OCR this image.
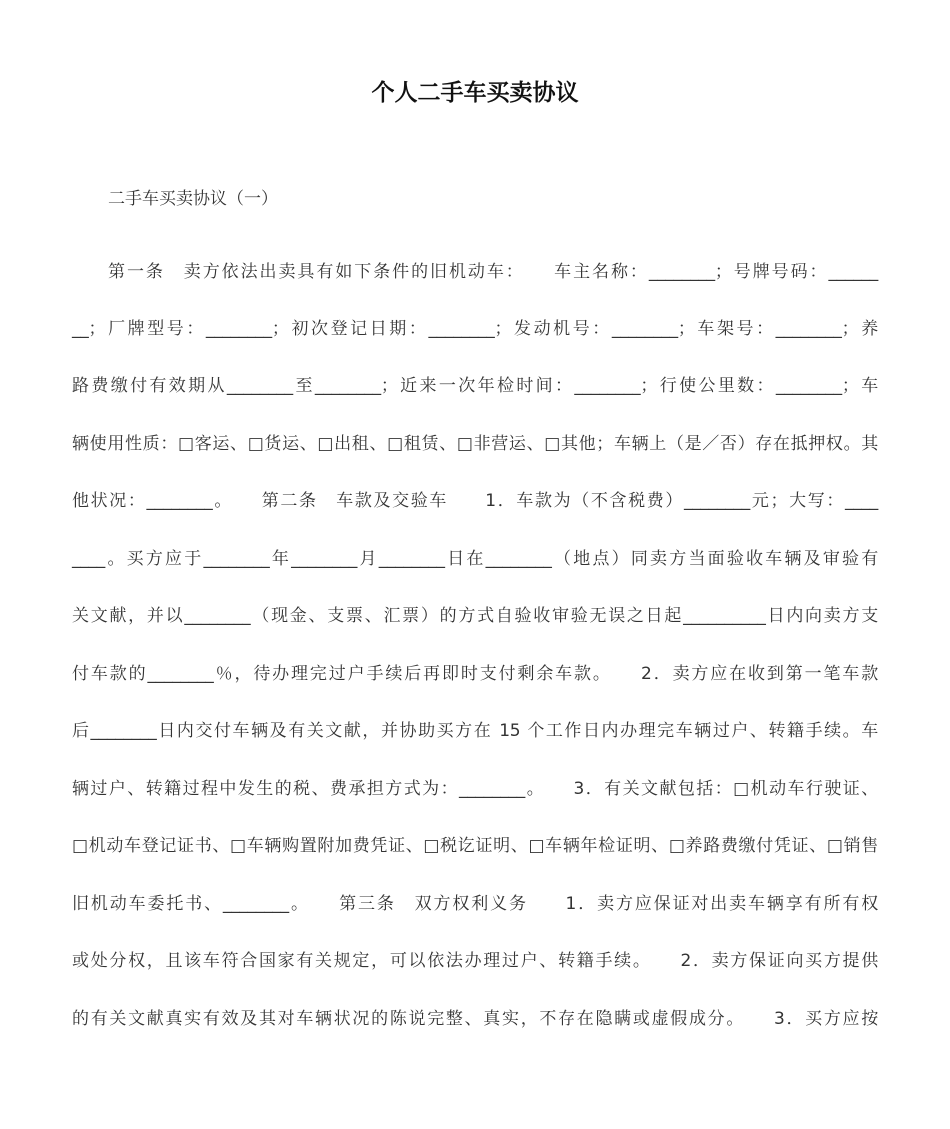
个人二手车买卖协议
二手车买卖协议（一）
第一条　卖方依法出卖具有如下条件的旧机动车：　　车主名称：________；号牌号码：______
__；厂牌型号：________；初次登记日期：________；发动机号：________；车架号：________；养
路费缴付有效期从________至________；近来一次年检时间：________；行使公里数：________；车
辆使用性质：□客运、□货运、□出租、□租赁、□非营运、□其他；车辆上（是／否）存在抵押权。其
他状况：________。　　第二条　车款及交验车　　1．车款为（不含税费）________元；大写：____
____。买方应于________年________月________日在________（地点）同卖方当面验收车辆及审验有
关文献，并以________（现金、支票、汇票）的方式自验收审验无误之日起__________日内向卖方支
付车款的________％，待办理完过户手续后再即时支付剩余车款。　　2．卖方应在收到第一笔车款
后________日内交付车辆及有关文献，并协助买方在 15 个工作日内办理完车辆过户、转籍手续。车
辆过户、转籍过程中发生的税、费承担方式为：________。　　3．有关文献包括：□机动车行驶证、
□机动车登记证书、□车辆购置附加费凭证、□税讫证明、□车辆年检证明、□养路费缴付凭证、□销售
旧机动车委托书、________。　　第三条　双方权利义务　　1．卖方应保证对出卖车辆享有所有权
或处分权，且该车符合国家有关规定，可以依法办理过户、转籍手续。　　2．卖方保证向买方提供
的有关文献真实有效及其对车辆状况的陈说完整、真实，不存在隐瞒或虚假成分。　　3．买方应按
